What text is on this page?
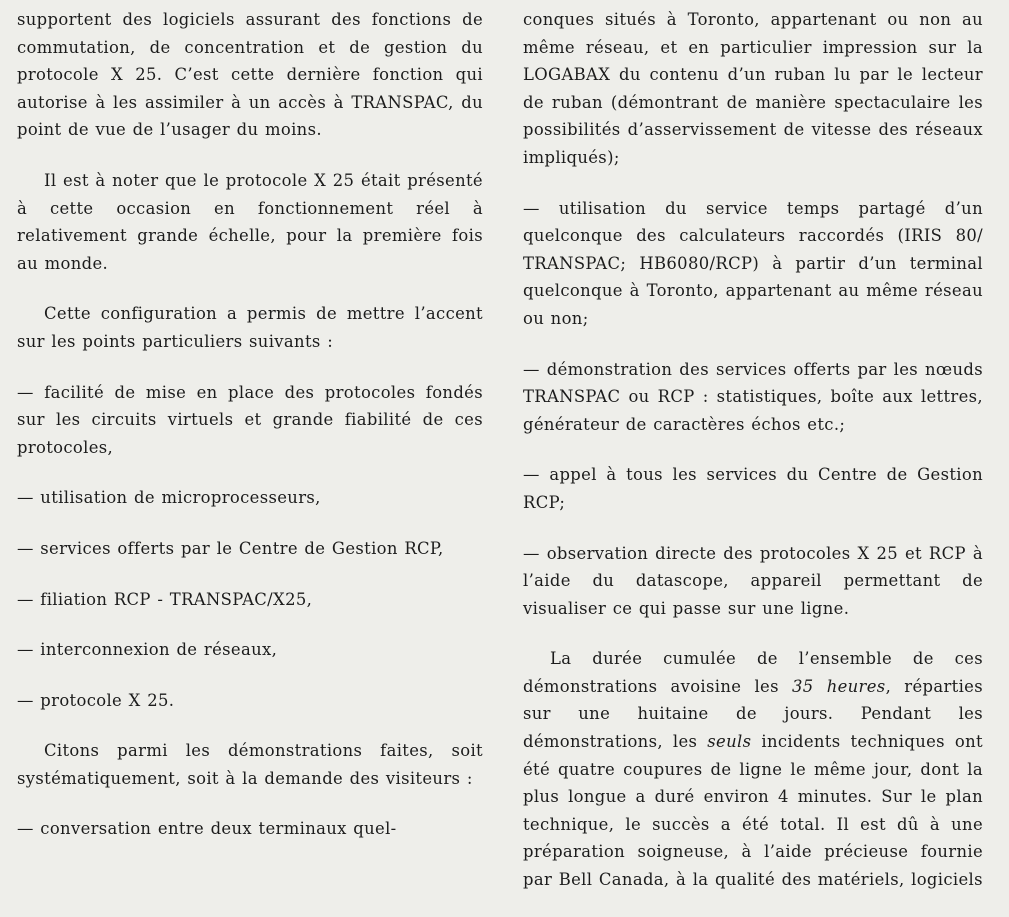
supportent des logiciels assurant des fonctions de commutation, de concentration et de gestion du protocole X 25. C’est cette dernière fonction qui autorise à les assimiler à un accès à TRANSPAC, du point de vue de l’usager du moins.

Il est à noter que le protocole X 25 était présenté à cette occasion en fonctionnement réel à relativement grande échelle, pour la première fois au monde.

Cette configuration a permis de mettre l’accent sur les points particuliers suivants :

— facilité de mise en place des protocoles fondés sur les circuits virtuels et grande fiabilité de ces protocoles,

— utilisation de microprocesseurs,

— services offerts par le Centre de Gestion RCP,

— filiation RCP - TRANSPAC/X25,

— interconnexion de réseaux,

— protocole X 25.

Citons parmi les démonstrations faites, soit systématiquement, soit à la demande des visiteurs :

— conversation entre deux terminaux quel-

conques situés à Toronto, appartenant ou non au même réseau, et en particulier impression sur la LOGABAX du contenu d’un ruban lu par le lecteur de ruban (démontrant de manière spectaculaire les possibilités d’asservissement de vitesse des réseaux impliqués);

— utilisation du service temps partagé d’un quelconque des calculateurs raccordés (IRIS 80/ TRANSPAC; HB6080/RCP) à partir d’un terminal quelconque à Toronto, appartenant au même réseau ou non;

— démonstration des services offerts par les nœuds TRANSPAC ou RCP : statistiques, boîte aux lettres, générateur de caractères échos etc.;

— appel à tous les services du Centre de Gestion RCP;

— observation directe des protocoles X 25 et RCP à l’aide du datascope, appareil permettant de visualiser ce qui passe sur une ligne.

La durée cumulée de l’ensemble de ces démonstrations avoisine les 35 heures, réparties sur une huitaine de jours. Pendant les démonstrations, les seuls incidents techniques ont été quatre coupures de ligne le même jour, dont la plus longue a duré environ 4 minutes. Sur le plan technique, le succès a été total. Il est dû à une préparation soigneuse, à l’aide précieuse fournie par Bell Canada, à la qualité des matériels, logiciels
